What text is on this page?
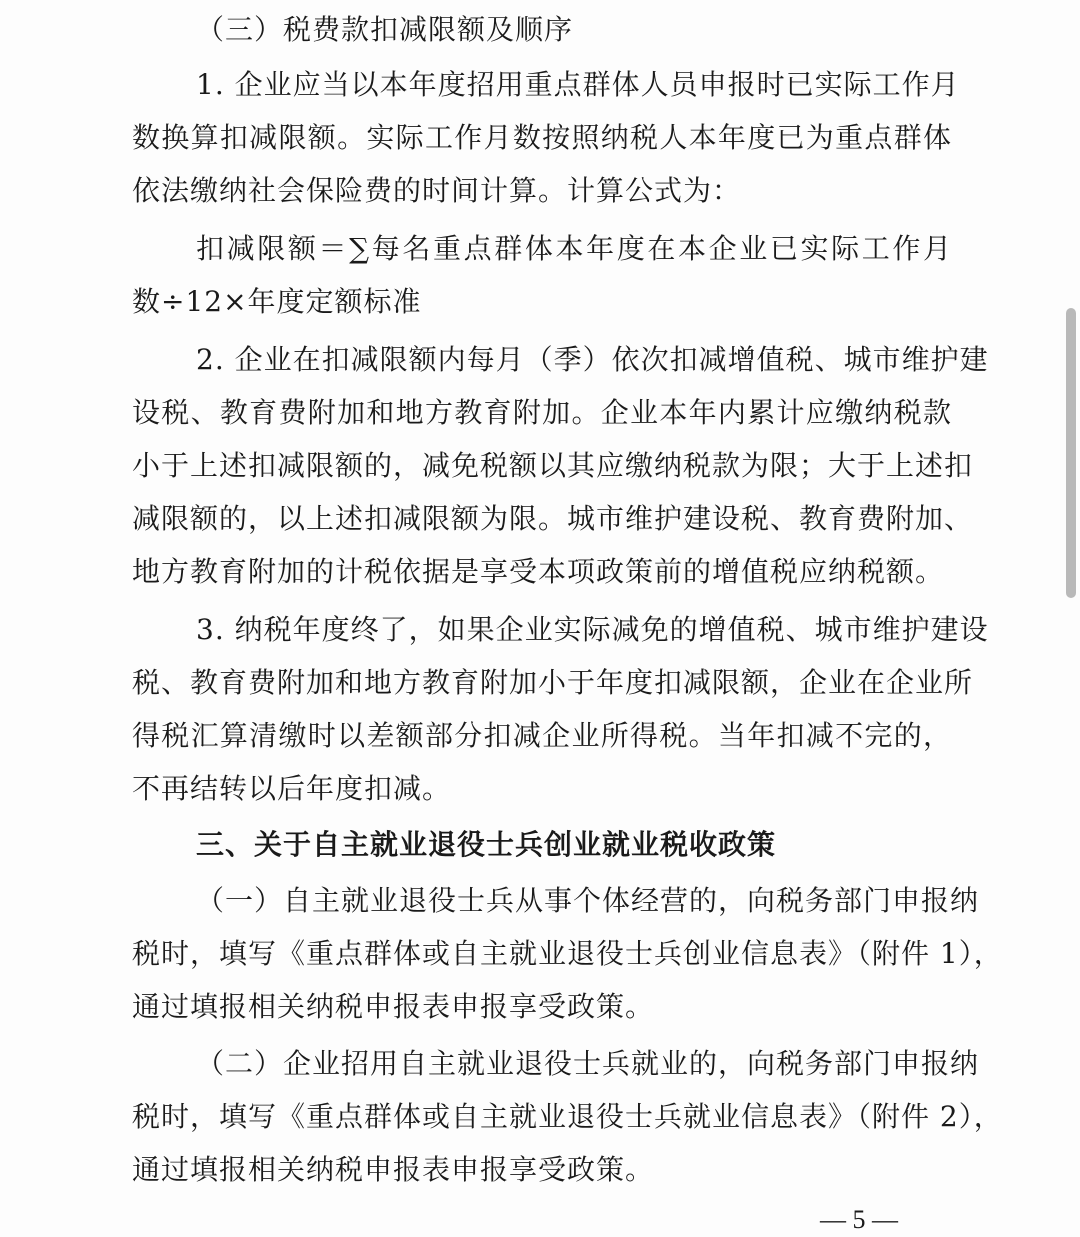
（三）税费款扣减限额及顺序
1. 企业应当以本年度招用重点群体人员申报时已实际工作月
数换算扣减限额。实际工作月数按照纳税人本年度已为重点群体
依法缴纳社会保险费的时间计算。计算公式为：
扣减限额＝∑每名重点群体本年度在本企业已实际工作月
数÷12×年度定额标准
2. 企业在扣减限额内每月（季）依次扣减增值税、城市维护建
设税、教育费附加和地方教育附加。企业本年内累计应缴纳税款
小于上述扣减限额的，减免税额以其应缴纳税款为限；大于上述扣
减限额的，以上述扣减限额为限。城市维护建设税、教育费附加、
地方教育附加的计税依据是享受本项政策前的增值税应纳税额。
3. 纳税年度终了，如果企业实际减免的增值税、城市维护建设
税、教育费附加和地方教育附加小于年度扣减限额，企业在企业所
得税汇算清缴时以差额部分扣减企业所得税。当年扣减不完的，
不再结转以后年度扣减。
三、关于自主就业退役士兵创业就业税收政策
（一）自主就业退役士兵从事个体经营的，向税务部门申报纳
税时，填写《重点群体或自主就业退役士兵创业信息表》（附件 1），
通过填报相关纳税申报表申报享受政策。
（二）企业招用自主就业退役士兵就业的，向税务部门申报纳
税时，填写《重点群体或自主就业退役士兵就业信息表》（附件 2），
通过填报相关纳税申报表申报享受政策。
— 5 —
